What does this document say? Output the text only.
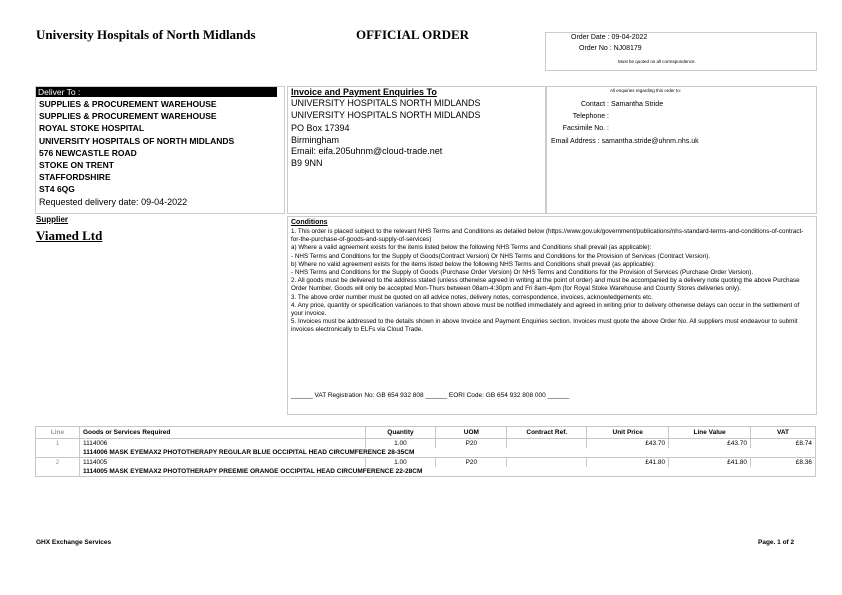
University Hospitals of North Midlands	OFFICIAL ORDER	Order Date : 09-04-2022
Order No : NJ08179
Must be quoted on all correspondence.
Deliver To :
SUPPLIES & PROCUREMENT WAREHOUSE
SUPPLIES & PROCUREMENT WAREHOUSE
ROYAL STOKE HOSPITAL
UNIVERSITY HOSPITALS OF NORTH MIDLANDS
576 NEWCASTLE ROAD
STOKE ON TRENT
STAFFORDSHIRE
ST4 6QG
Requested delivery date: 09-04-2022
Invoice and Payment Enquiries To
UNIVERSITY HOSPITALS NORTH MIDLANDS
UNIVERSITY HOSPITALS NORTH MIDLANDS
PO Box 17394
Birmingham
Email: eifa.205uhnm@cloud-trade.net
B9 9NN
All enquiries regarding this order to:
Contact : Samantha Stride
Telephone :
Facsimile No. :
Email Address : samantha.stride@uhnm.nhs.uk
Supplier
Viamed Ltd
Conditions

1. This order is placed subject to the relevant NHS Terms and Conditions as detailed below (https://www.gov.uk/government/publications/nhs-standard-terms-and-conditions-of-contract-for-the-purchase-of-goods-and-supply-of-services)

a) Where a valid agreement exists for the items listed below the following NHS Terms and Conditions shall prevail (as applicable):

- NHS Terms and Conditions for the Supply of Goods(Contract Version) Or NHS Terms and Conditions for the Provision of Services (Contract Version).

b) Where no valid agreement exists for the items listed below the following NHS Terms and Conditions shall prevail (as applicable):

- NHS Terms and Conditions for the Supply of Goods (Purchase Order Version) Or NHS Terms and Conditions for the Provision of Services (Purchase Order Version).

2. All goods must be delivered to the address stated (unless otherwise agreed in writing at the point of order) and must be accompanied by a delivery note quoting the above Purchase Order Number. Goods will only be accepted Mon-Thurs between 08am-4:30pm and Fri 8am-4pm (for Royal Stoke Warehouse and County Stores deliveries only).

3. The above order number must be quoted on all advice notes, delivery notes, correspondence, invoices, acknowledgements etc.

4. Any price, quantity or specification variances to that shown above must be notified immediately and agreed in writing prior to delivery otherwise delays can occur in the settlement of your invoice.

5. Invoices must be addressed to the details shown in above Invoice and Payment Enquiries section. Invoices must quote the above Order No. All suppliers must endeavour to submit invoices electronically to ELFs via Cloud Trade.

______ VAT Registration No: GB 654 932 808 ______ EORI Code: GB 654 932 808 000 ______
Line	Goods or Services Required	Quantity	UOM	Contract Ref.	Unit Price	Line Value	VAT
1	1114006	1.00	P20		£43.70	£43.70	£8.74
	1114006 MASK EYEMAX2 PHOTOTHERAPY REGULAR BLUE OCCIPITAL HEAD CIRCUMFERENCE 28-35CM						
2	1114005	1.00	P20		£41.80	£41.80	£8.36
	1114005 MASK EYEMAX2 PHOTOTHERAPY PREEMIE ORANGE OCCIPITAL HEAD CIRCUMFERENCE 22-28CM						
GHX Exchange Services	Page. 1 of 2
